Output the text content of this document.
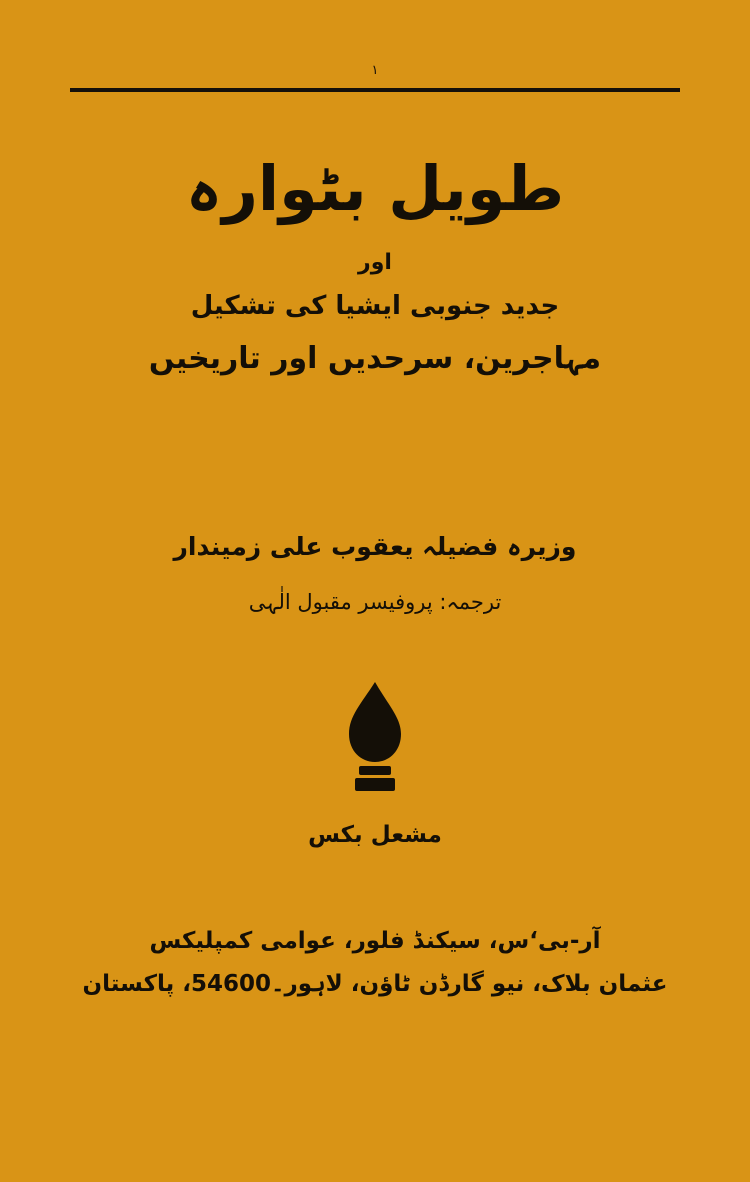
۱
طویل بٹوارہ
اور
جدید جنوبی ایشیا کی تشکیل
مہاجرین، سرحدیں اور تاریخیں
وزیرہ فضیلہ یعقوب علی زمیندار
ترجمہ: پروفیسر مقبول الٰہی
مشعل بکس
آر-بی‘س، سیکنڈ فلور، عوامی کمپلیکس
عثمان بلاک، نیو گارڈن ٹاؤن، لاہور۔54600، پاکستان
